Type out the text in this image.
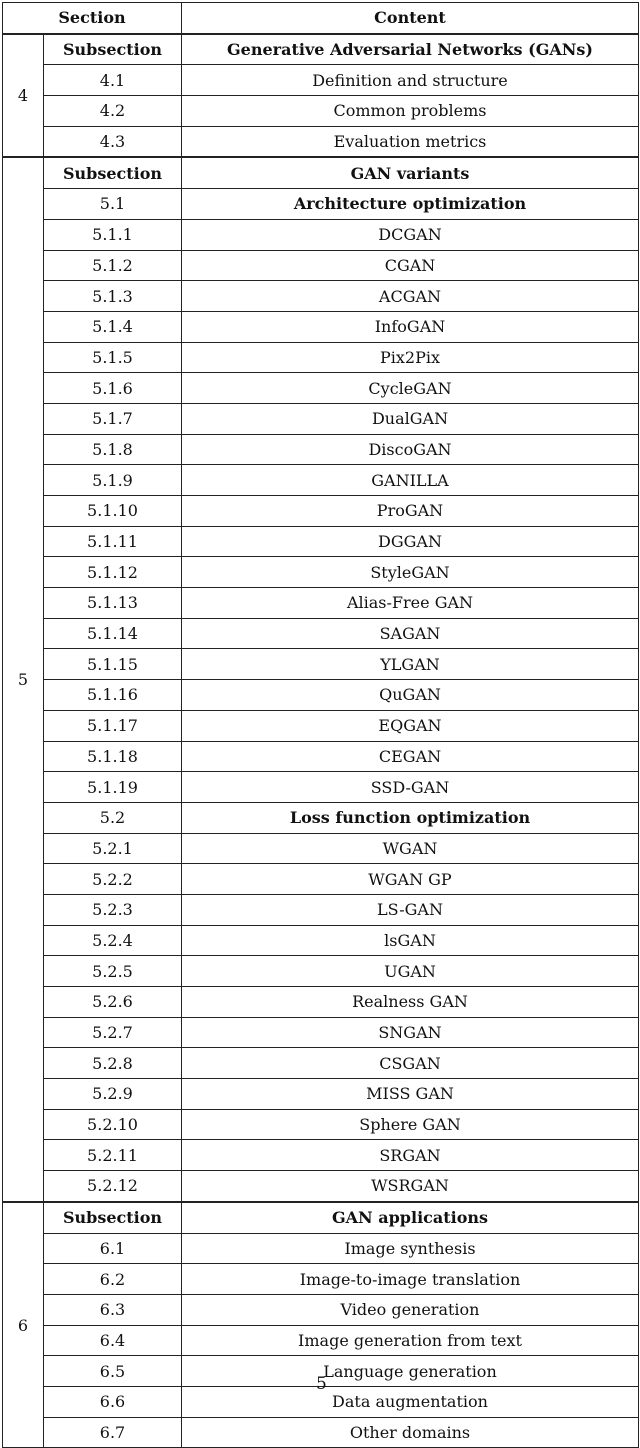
Section		Content
4	Subsection	Generative Adversarial Networks (GANs)
	4.1	Definition and structure
	4.2	Common problems
	4.3	Evaluation metrics
5	Subsection	GAN variants
	5.1	Architecture optimization
	5.1.1	DCGAN
	5.1.2	CGAN
	5.1.3	ACGAN
	5.1.4	InfoGAN
	5.1.5	Pix2Pix
	5.1.6	CycleGAN
	5.1.7	DualGAN
	5.1.8	DiscoGAN
	5.1.9	GANILLA
	5.1.10	ProGAN
	5.1.11	DGGAN
	5.1.12	StyleGAN
	5.1.13	Alias-Free GAN
	5.1.14	SAGAN
	5.1.15	YLGAN
	5.1.16	QuGAN
	5.1.17	EQGAN
	5.1.18	CEGAN
	5.1.19	SSD-GAN
	5.2	Loss function optimization
	5.2.1	WGAN
	5.2.2	WGAN GP
	5.2.3	LS-GAN
	5.2.4	lsGAN
	5.2.5	UGAN
	5.2.6	Realness GAN
	5.2.7	SNGAN
	5.2.8	CSGAN
	5.2.9	MISS GAN
	5.2.10	Sphere GAN
	5.2.11	SRGAN
	5.2.12	WSRGAN
6	Subsection	GAN applications
	6.1	Image synthesis
	6.2	Image-to-image translation
	6.3	Video generation
	6.4	Image generation from text
	6.5	Language generation
	6.6	Data augmentation
	6.7	Other domains
5
